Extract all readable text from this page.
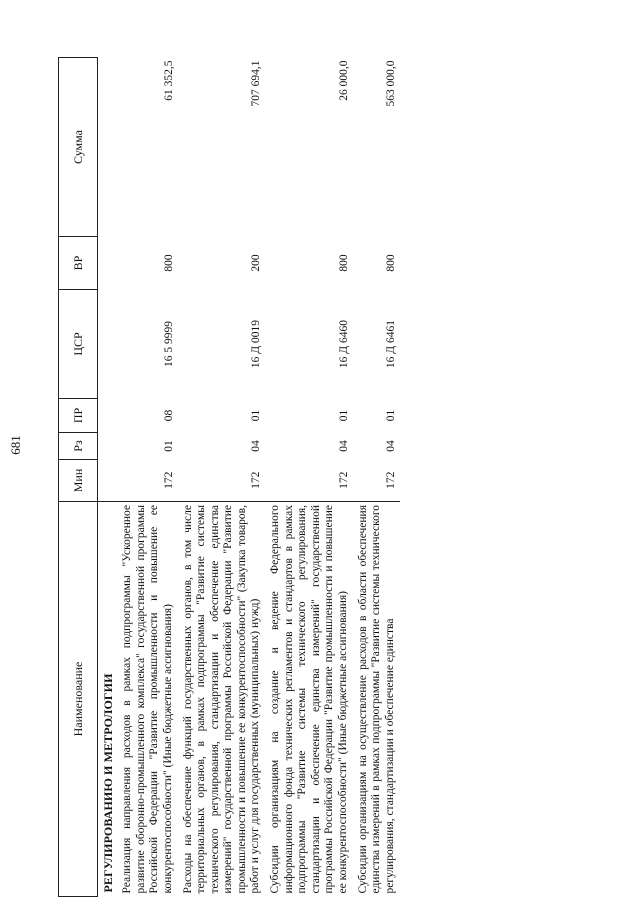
681
Наименование	Мин	Рз	ПР	ЦСР	ВР	Сумма
РЕГУЛИРОВАНИЮ И МЕТРОЛОГИИ						
Реализация направления расходов в рамках подпрограммы "Ускоренное развитие оборонно-промышленного комплекса" государственной программы Российской Федерации "Развитие промышленности и повышение ее конкурентоспособности" (Иные бюджетные ассигнования)	172	01	08	16 5 9999	800	61 352,5
Расходы на обеспечение функций государственных органов, в том числе территориальных органов, в рамках подпрограммы "Развитие системы технического регулирования, стандартизации и обеспечение единства измерений" государственной программы Российской Федерации "Развитие промышленности и повышение ее конкурентоспособности" (Закупка товаров, работ и услуг для государственных (муниципальных) нужд)	172	04	01	16 Д 0019	200	707 694,1
Субсидии организациям на создание и ведение Федерального информационного фонда технических регламентов и стандартов в рамках подпрограммы "Развитие системы технического регулирования, стандартизации и обеспечение единства измерений" государственной программы Российской Федерации "Развитие промышленности и повышение ее конкурентоспособности" (Иные бюджетные ассигнования)	172	04	01	16 Д 6460	800	26 000,0
Субсидии организациям на осуществление расходов в области обеспечения единства измерений в рамках подпрограммы "Развитие системы технического регулирования, стандартизации и обеспечение единства	172	04	01	16 Д 6461	800	563 000,0
